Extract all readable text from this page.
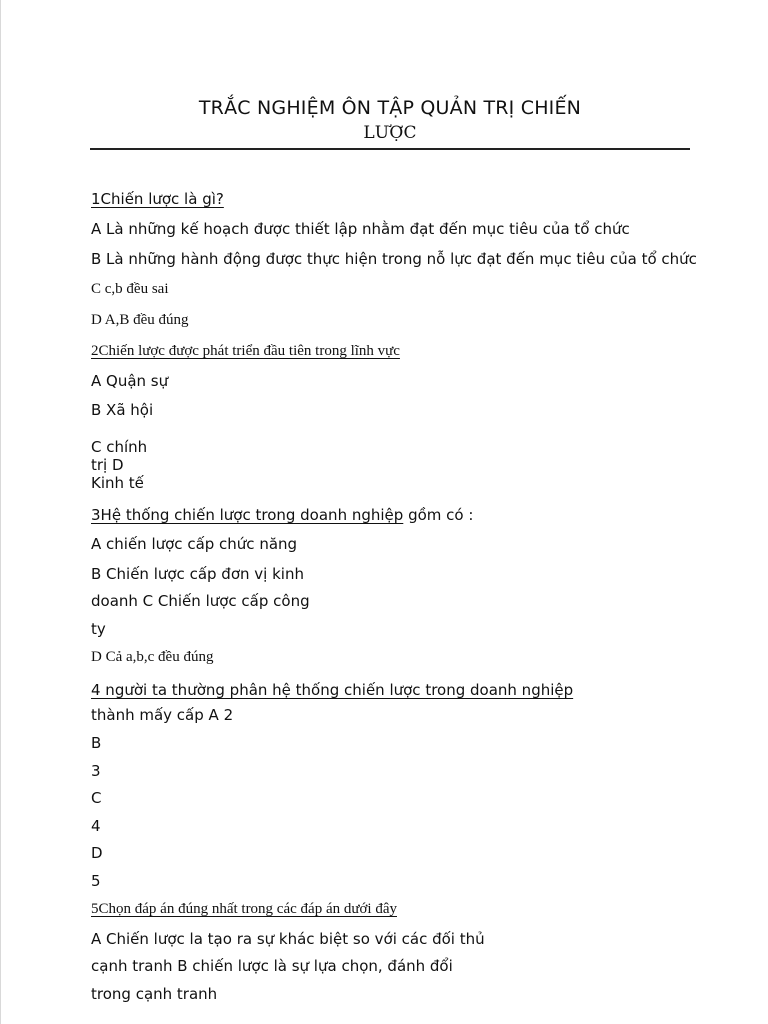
TRẮC NGHIỆM ÔN TẬP QUẢN TRỊ CHIẾN
LƯỢC
1Chiến lược là gì?
A Là những kế hoạch được thiết lập nhằm đạt đến mục tiêu của tổ chức
B Là những hành động được thực hiện trong nỗ lực đạt đến mục tiêu của tổ chức
C c,b đều sai
D A,B đều đúng
2Chiến lược được phát triển đầu tiên trong lĩnh vực
A Quận sự
B Xã hội
C chính
trị D
Kinh tế
3Hệ thống chiến lược trong doanh nghiệp gồm có :
A chiến lược cấp chức năng
B Chiến lược cấp đơn vị kinh
doanh C Chiến lược cấp công
ty
D Cả a,b,c đều đúng
4 người ta thường phân hệ thống chiến lược trong doanh nghiệp
thành mấy cấp A 2
B
3
C
4
D
5
5Chọn đáp án đúng nhất trong các đáp án dưới đây
A Chiến lược la tạo ra sự khác biệt so với các đối thủ
cạnh tranh B chiến lược là sự lựa chọn, đánh đổi
trong cạnh tranh
